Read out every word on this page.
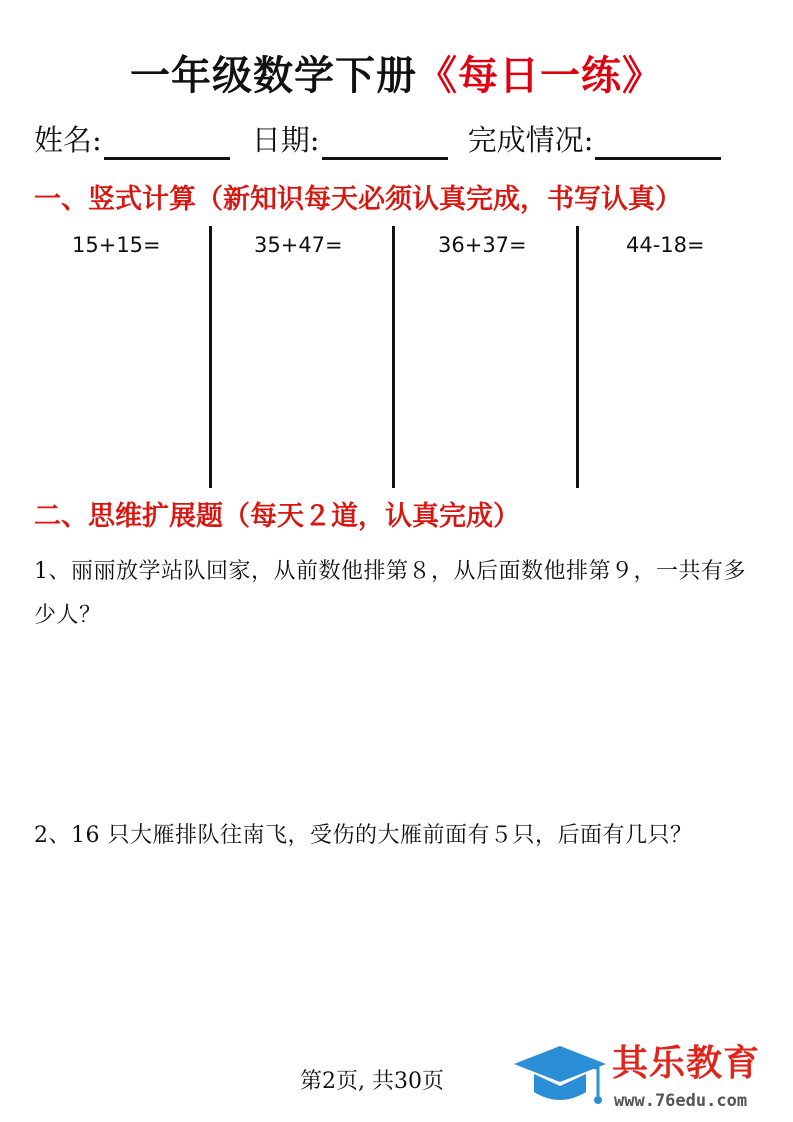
一年级数学下册《每日一练》
姓名:	日期:	完成情况:
一、竖式计算（新知识每天必须认真完成，书写认真）
15+15=	35+47=	36+37=	44-18=
二、思维扩展题（每天２道，认真完成）
1、丽丽放学站队回家，从前数他排第８，从后面数他排第９，一共有多少人？
2、16 只大雁排队往南飞，受伤的大雁前面有５只，后面有几只？
第2页, 共30页	其乐教育
www.76edu.com
